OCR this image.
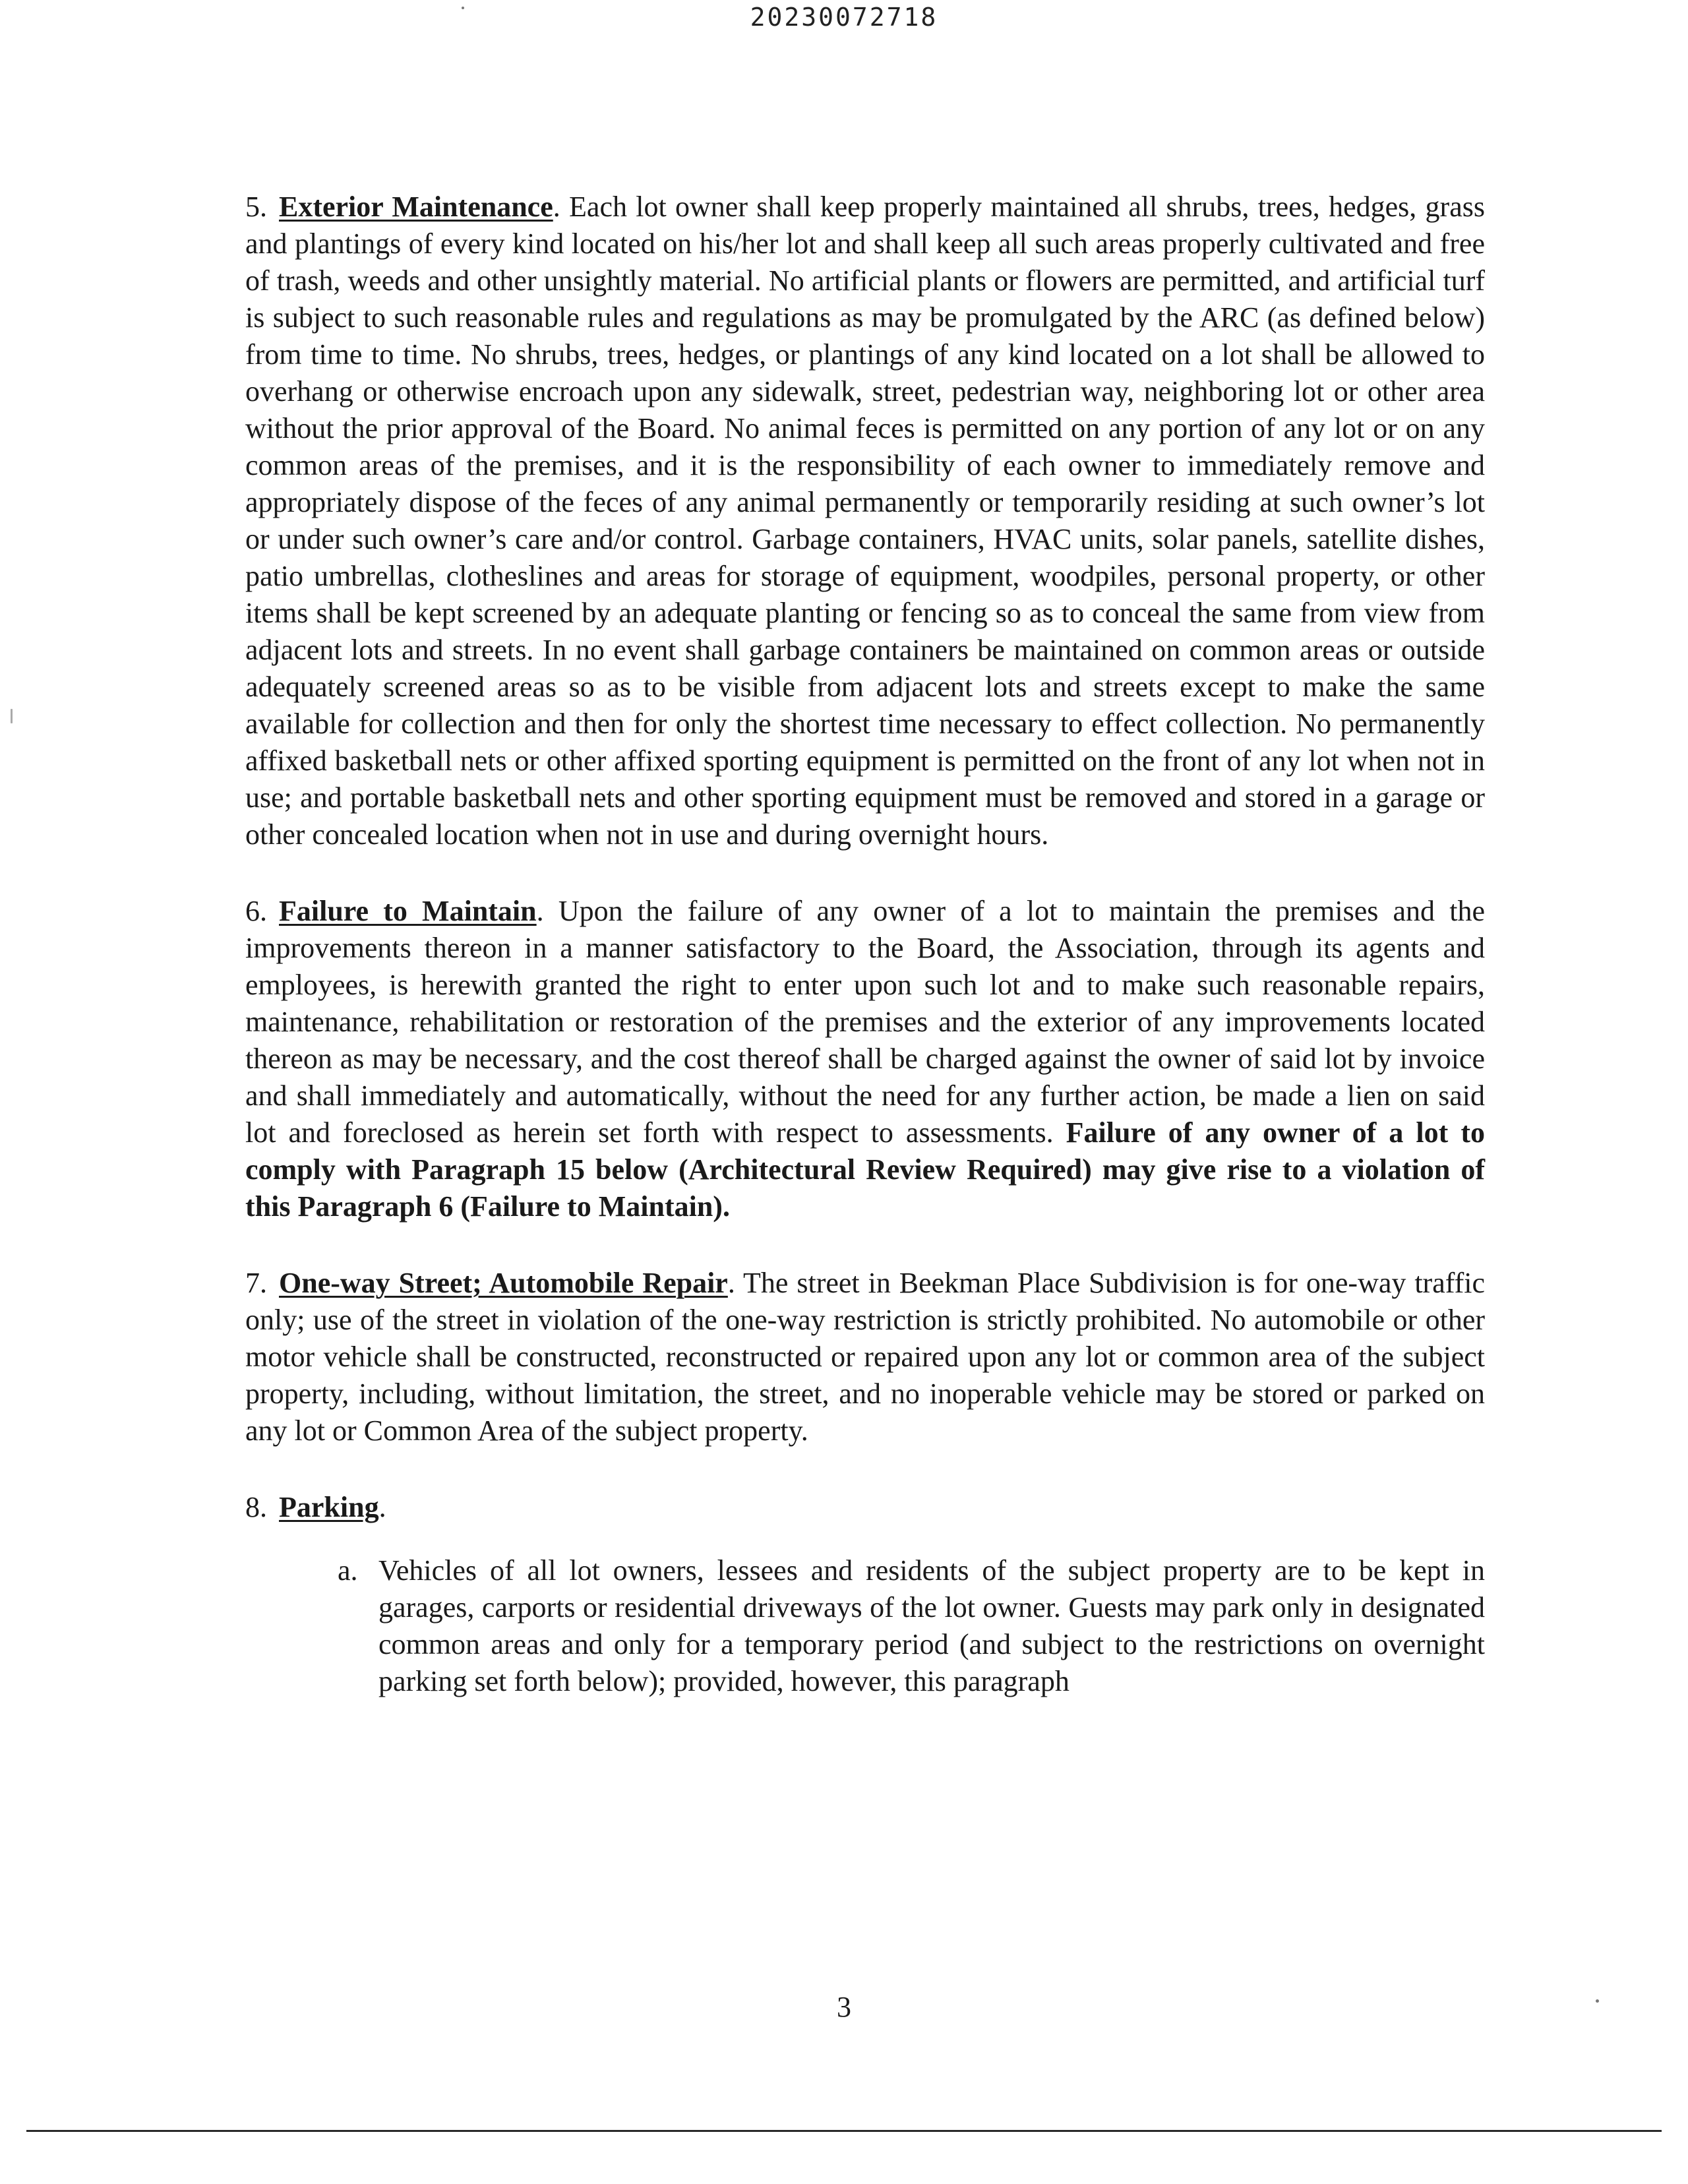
20230072718

5. Exterior Maintenance. Each lot owner shall keep properly maintained all shrubs, trees, hedges, grass and plantings of every kind located on his/her lot and shall keep all such areas properly cultivated and free of trash, weeds and other unsightly material. No artificial plants or flowers are permitted, and artificial turf is subject to such reasonable rules and regulations as may be promulgated by the ARC (as defined below) from time to time. No shrubs, trees, hedges, or plantings of any kind located on a lot shall be allowed to overhang or otherwise encroach upon any sidewalk, street, pedestrian way, neighboring lot or other area without the prior approval of the Board. No animal feces is permitted on any portion of any lot or on any common areas of the premises, and it is the responsibility of each owner to immediately remove and appropriately dispose of the feces of any animal permanently or temporarily residing at such owner’s lot or under such owner’s care and/or control. Garbage containers, HVAC units, solar panels, satellite dishes, patio umbrellas, clotheslines and areas for storage of equipment, woodpiles, personal property, or other items shall be kept screened by an adequate planting or fencing so as to conceal the same from view from adjacent lots and streets. In no event shall garbage containers be maintained on common areas or outside adequately screened areas so as to be visible from adjacent lots and streets except to make the same available for collection and then for only the shortest time necessary to effect collection. No permanently affixed basketball nets or other affixed sporting equipment is permitted on the front of any lot when not in use; and portable basketball nets and other sporting equipment must be removed and stored in a garage or other concealed location when not in use and during overnight hours.

6. Failure to Maintain. Upon the failure of any owner of a lot to maintain the premises and the improvements thereon in a manner satisfactory to the Board, the Association, through its agents and employees, is herewith granted the right to enter upon such lot and to make such reasonable repairs, maintenance, rehabilitation or restoration of the premises and the exterior of any improvements located thereon as may be necessary, and the cost thereof shall be charged against the owner of said lot by invoice and shall immediately and automatically, without the need for any further action, be made a lien on said lot and foreclosed as herein set forth with respect to assessments. Failure of any owner of a lot to comply with Paragraph 15 below (Architectural Review Required) may give rise to a violation of this Paragraph 6 (Failure to Maintain).

7. One-way Street; Automobile Repair. The street in Beekman Place Subdivision is for one-way traffic only; use of the street in violation of the one-way restriction is strictly prohibited. No automobile or other motor vehicle shall be constructed, reconstructed or repaired upon any lot or common area of the subject property, including, without limitation, the street, and no inoperable vehicle may be stored or parked on any lot or Common Area of the subject property.

8. Parking.

a. Vehicles of all lot owners, lessees and residents of the subject property are to be kept in garages, carports or residential driveways of the lot owner. Guests may park only in designated common areas and only for a temporary period (and subject to the restrictions on overnight parking set forth below); provided, however, this paragraph
3
